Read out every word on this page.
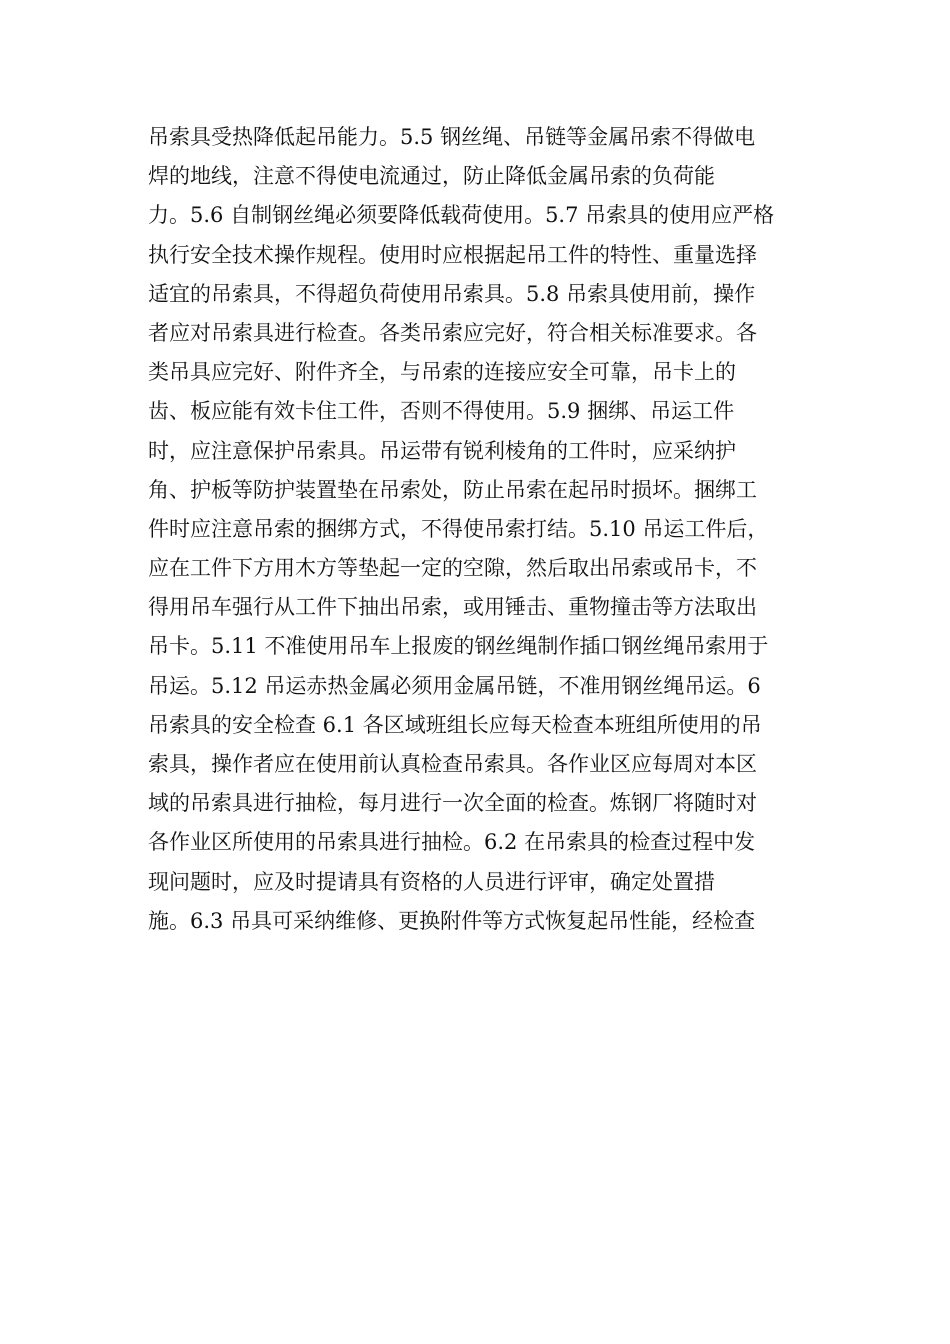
吊索具受热降低起吊能力。5.5 钢丝绳、吊链等金属吊索不得做电
焊的地线，注意不得使电流通过，防止降低金属吊索的负荷能
力。5.6 自制钢丝绳必须要降低载荷使用。5.7 吊索具的使用应严格
执行安全技术操作规程。使用时应根据起吊工件的特性、重量选择
适宜的吊索具，不得超负荷使用吊索具。5.8 吊索具使用前，操作
者应对吊索具进行检查。各类吊索应完好，符合相关标准要求。各
类吊具应完好、附件齐全，与吊索的连接应安全可靠，吊卡上的
齿、板应能有效卡住工件，否则不得使用。5.9 捆绑、吊运工件
时，应注意保护吊索具。吊运带有锐利棱角的工件时，应采纳护
角、护板等防护装置垫在吊索处，防止吊索在起吊时损坏。捆绑工
件时应注意吊索的捆绑方式，不得使吊索打结。5.10 吊运工件后，
应在工件下方用木方等垫起一定的空隙，然后取出吊索或吊卡，不
得用吊车强行从工件下抽出吊索，或用锤击、重物撞击等方法取出
吊卡。5.11 不准使用吊车上报废的钢丝绳制作插口钢丝绳吊索用于
吊运。5.12 吊运赤热金属必须用金属吊链，不准用钢丝绳吊运。6
吊索具的安全检查 6.1 各区域班组长应每天检查本班组所使用的吊
索具，操作者应在使用前认真检查吊索具。各作业区应每周对本区
域的吊索具进行抽检，每月进行一次全面的检查。炼钢厂将随时对
各作业区所使用的吊索具进行抽检。6.2 在吊索具的检查过程中发
现问题时，应及时提请具有资格的人员进行评审，确定处置措
施。6.3 吊具可采纳维修、更换附件等方式恢复起吊性能，经检查
